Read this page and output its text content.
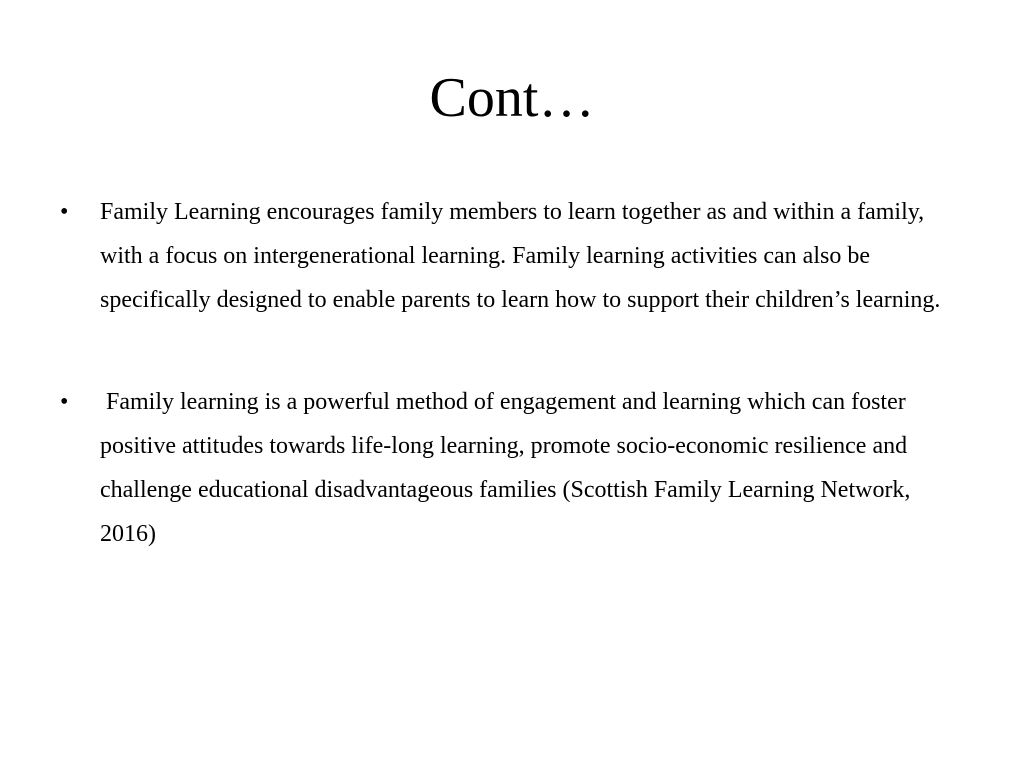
Cont…
• Family Learning encourages family members to learn together as and within a family, with a focus on intergenerational learning. Family learning activities can also be specifically designed to enable parents to learn how to support their children’s learning.
• Family learning is a powerful method of engagement and learning which can foster positive attitudes towards life-long learning, promote socio-economic resilience and challenge educational disadvantageous families (Scottish Family Learning Network, 2016)
